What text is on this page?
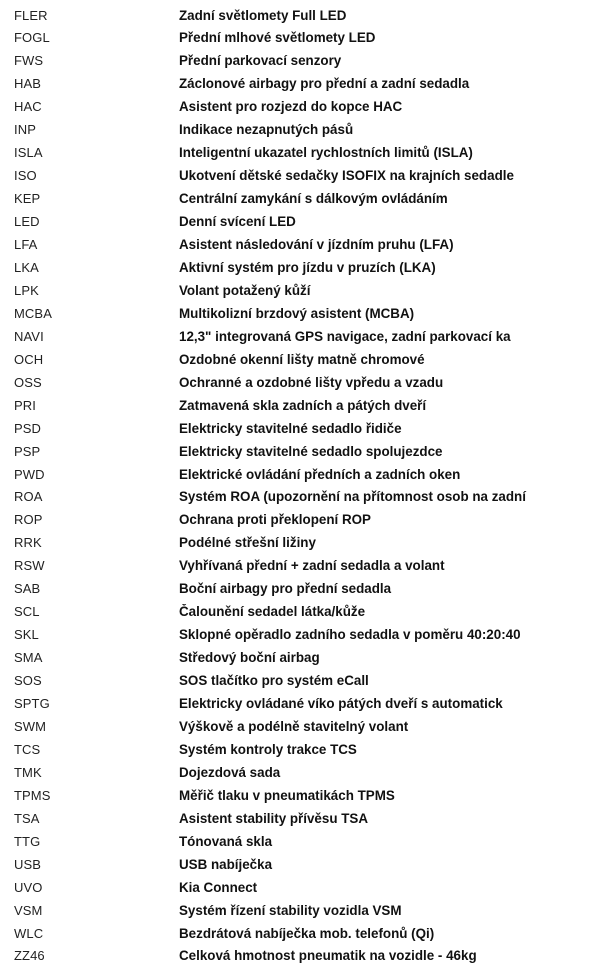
FLER	Zadní světlomety Full LED
FOGL	Přední mlhové světlomety LED
FWS	Přední parkovací senzory
HAB	Záclonové airbagy pro přední a zadní sedadla
HAC	Asistent pro rozjezd do kopce HAC
INP	Indikace nezapnutých pásů
ISLA	Inteligentní ukazatel rychlostních limitů (ISLA)
ISO	Ukotvení dětské sedačky ISOFIX na krajních sedadle
KEP	Centrální zamykání s dálkovým ovládáním
LED	Denní svícení LED
LFA	Asistent následování v jízdním pruhu (LFA)
LKA	Aktivní systém pro jízdu v pruzích (LKA)
LPK	Volant potažený kůží
MCBA	Multikolizní brzdový asistent (MCBA)
NAVI	12,3" integrovaná GPS navigace, zadní parkovací ka
OCH	Ozdobné okenní lišty matně chromové
OSS	Ochranné a ozdobné lišty vpředu a vzadu
PRI	Zatmavená skla zadních a pátých dveří
PSD	Elektricky stavitelné sedadlo řidiče
PSP	Elektricky stavitelné sedadlo spolujezdce
PWD	Elektrické ovládání předních a zadních oken
ROA	Systém ROA (upozornění na přítomnost osob na zadní
ROP	Ochrana proti překlopení ROP
RRK	Podélné střešní ližiny
RSW	Vyhřívaná přední + zadní sedadla a volant
SAB	Boční airbagy pro přední sedadla
SCL	Čalounění sedadel látka/kůže
SKL	Sklopné opěradlo zadního sedadla v poměru 40:20:40
SMA	Středový boční airbag
SOS	SOS tlačítko pro systém eCall
SPTG	Elektricky ovládané víko pátých dveří s automatick
SWM	Výškově a podélně stavitelný volant
TCS	Systém kontroly trakce TCS
TMK	Dojezdová sada
TPMS	Měřič tlaku v pneumatikách TPMS
TSA	Asistent stability přívěsu TSA
TTG	Tónovaná skla
USB	USB nabíječka
UVO	Kia Connect
VSM	Systém řízení stability vozidla VSM
WLC	Bezdrátová nabíječka mob. telefonů (Qi)
ZZ46	Celková hmotnost pneumatik na vozidle - 46kg
